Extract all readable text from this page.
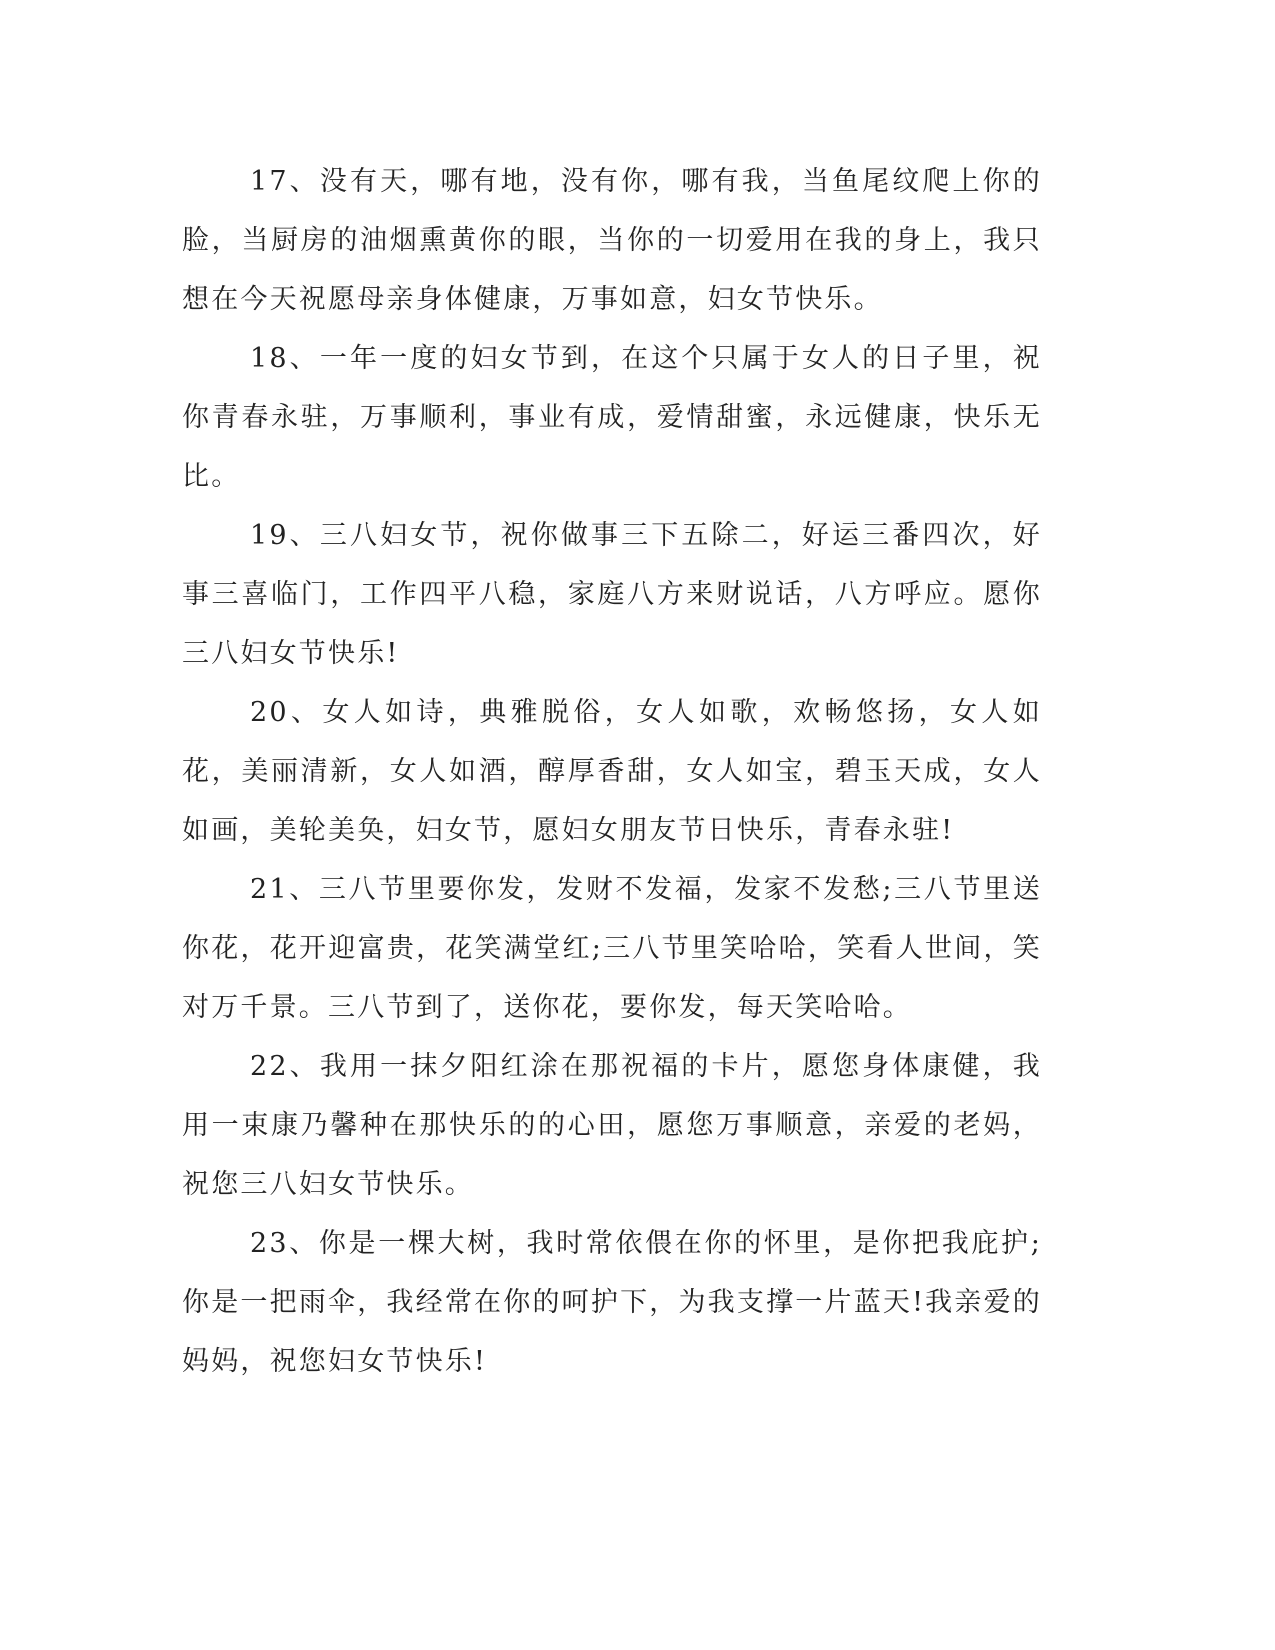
17、没有天，哪有地，没有你，哪有我，当鱼尾纹爬上你的脸，当厨房的油烟熏黄你的眼，当你的一切爱用在我的身上，我只想在今天祝愿母亲身体健康，万事如意，妇女节快乐。

18、一年一度的妇女节到，在这个只属于女人的日子里，祝你青春永驻，万事顺利，事业有成，爱情甜蜜，永远健康，快乐无比。

19、三八妇女节，祝你做事三下五除二，好运三番四次，好事三喜临门，工作四平八稳，家庭八方来财说话，八方呼应。愿你三八妇女节快乐!

20、女人如诗，典雅脱俗，女人如歌，欢畅悠扬，女人如花，美丽清新，女人如酒，醇厚香甜，女人如宝，碧玉天成，女人如画，美轮美奂，妇女节，愿妇女朋友节日快乐，青春永驻!

21、三八节里要你发，发财不发福，发家不发愁;三八节里送你花，花开迎富贵，花笑满堂红;三八节里笑哈哈，笑看人世间，笑对万千景。三八节到了，送你花，要你发，每天笑哈哈。

22、我用一抹夕阳红涂在那祝福的卡片，愿您身体康健，我用一束康乃馨种在那快乐的的心田，愿您万事顺意，亲爱的老妈，祝您三八妇女节快乐。

23、你是一棵大树，我时常依偎在你的怀里，是你把我庇护;你是一把雨伞，我经常在你的呵护下，为我支撑一片蓝天!我亲爱的妈妈，祝您妇女节快乐!
